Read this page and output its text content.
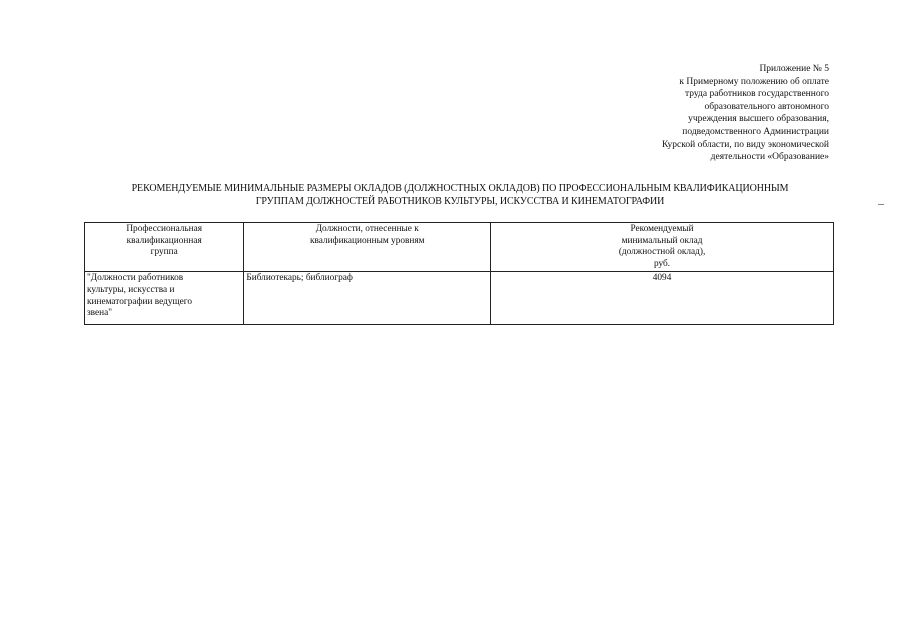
Приложение № 5
к Примерному положению об оплате
труда работников государственного
образовательного автономного
учреждения высшего образования,
подведомственного Администрации
Курской области, по виду экономической
деятельности «Образование»
РЕКОМЕНДУЕМЫЕ МИНИМАЛЬНЫЕ РАЗМЕРЫ ОКЛАДОВ (ДОЛЖНОСТНЫХ ОКЛАДОВ) ПО ПРОФЕССИОНАЛЬНЫМ КВАЛИФИКАЦИОННЫМ
ГРУППАМ ДОЛЖНОСТЕЙ РАБОТНИКОВ КУЛЬТУРЫ, ИСКУССТВА И КИНЕМАТОГРАФИИ
Профессиональная
квалификационная
группа	Должности, отнесенные к
квалификационным уровням	Рекомендуемый
минимальный оклад
(должностной оклад),
руб.
"Должности работников
культуры, искусства и
кинематографии ведущего
звена"	Библиотекарь; библиограф	4094
